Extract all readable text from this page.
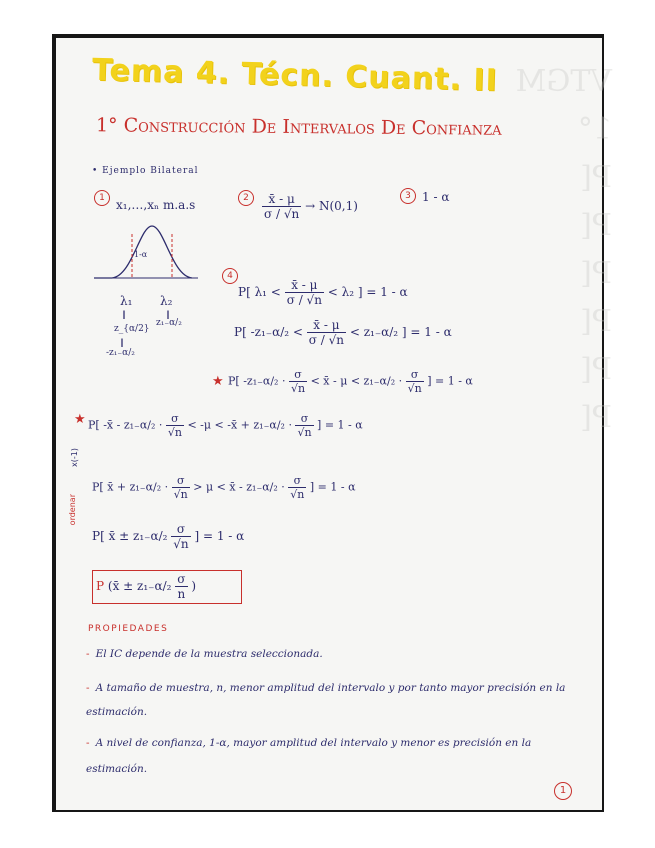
VTGM
1°
P[
P[
P[
P[
P[
P[
Tema 4. Técn. Cuant. II
1° Construcción De Intervalos De Confianza
• Ejemplo Bilateral
1 x₁,…,xₙ m.a.s	2	$\frac{x̄ - \mu}{\sigma / √n} \to N(0,1)$
3 1 - α
1-α
λ₁ λ₂
‖	‖
z_{α/2}
z₁₋α/₂
‖
-z₁₋α/₂
4
P[ $\lambda_1 < \frac{x̄ - \mu}{\sigma / √n} < \lambda_2$ ] = 1 - α
P[ $-z_{1-}\alpha/_2 < \frac{x̄ - \mu}{\sigma / √n} < z_{1-}\alpha/_2$ ] = 1 - α
★ P[ $-z_{1-}\alpha/_2 \cdot \frac{\sigma}{√n}$ < x̄ - $\mu < z_{1-}\alpha/_2 \cdot \frac{\sigma}{√n}$ ] = 1 - α
★ P[ -x̄ - $z_{1-}\alpha/_2 \cdot \frac{\sigma}{√n} < -\mu$ < -x̄ + $z_{1-}\alpha/_2 \cdot \frac{\sigma}{√n}$ ] = 1 - α
x(-1)
P[ x̄ + $z_{1-}\alpha/_2 \cdot \frac{\sigma}{√n} > \mu$ < x̄ - $z_{1-}\alpha/_2 \cdot \frac{\sigma}{√n}$ ] = 1 - α
ordenar
P[ x̄ ± $z_{1-}\alpha/_2 \frac{\sigma}{√n}$ ] = 1 - α
P (x̄ ± $z_{1-}\alpha/_2 \frac{\sigma}{n}$ )
PROPIEDADES
- El IC depende de la muestra seleccionada.
- A tamaño de muestra, n, menor amplitud del intervalo y por tanto mayor precisión en la estimación.
- A nivel de confianza, 1-α, mayor amplitud del intervalo y menor es precisión en la estimación.
1
